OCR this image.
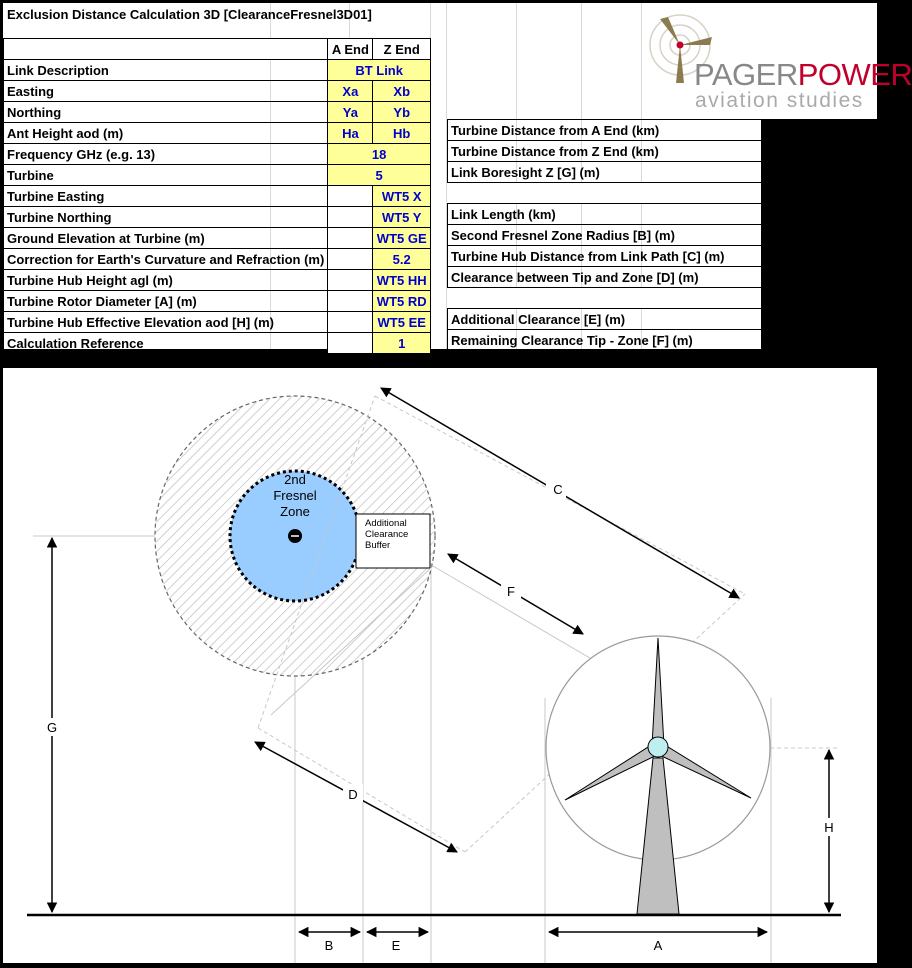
Exclusion Distance Calculation 3D [ClearanceFresnel3D01]
PAGERPOWER
aviation studies
	A End	Z End
Link Description	BT Link	
Easting	Xa	Xb
Northing	Ya	Yb
Ant Height aod (m)	Ha	Hb
Frequency GHz (e.g. 13)	18	
Turbine	5	
Turbine Easting		WT5 X
Turbine Northing		WT5 Y
Ground Elevation at Turbine (m)		WT5 GE
Correction for Earth's Curvature and Refraction (m)		5.2
Turbine Hub Height agl (m)		WT5 HH
Turbine Rotor Diameter [A] (m)		WT5 RD
Turbine Hub Effective Elevation aod [H] (m)		WT5 EE
Calculation Reference		1
Turbine Distance from A End (km)	
Turbine Distance from Z End (km)	
Link Boresight Z [G] (m)	

Link Length (km)	
Second Fresnel Zone Radius [B] (m)	
Turbine Hub Distance from Link Path [C] (m)	
Clearance between Tip and Zone [D] (m)	

Additional Clearance [E] (m)	
Remaining Clearance Tip - Zone [F] (m)	
2nd
Fresnel
Zone
Additional
Clearance
Buffer
C
F
D
G
H
B	E	A
